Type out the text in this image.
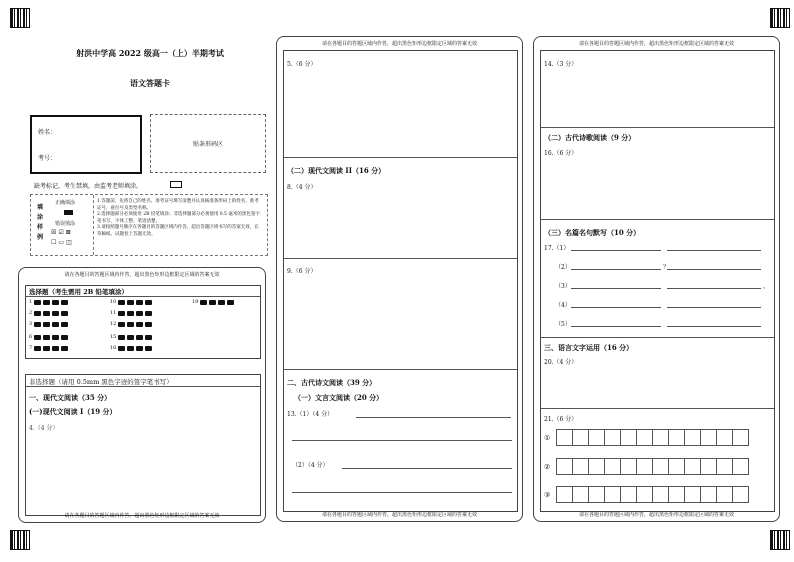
射洪中学高 2022 级高一（上）半期考试
语文答题卡
姓名：
考号：
贴条形码区
缺考标记，考生禁填，由监考老师填涂。
填
涂
样
例
正确填涂
错误填涂
☒☑⊠
☐▭◫
1.答题前，先将自己的姓名、准考证号填写清楚并认真核准条形码上的姓名、准考证号，座位号及类型名称。
2.选择题部分必须使用 2B 铅笔填涂；非选择题部分必须使用 0.5 毫米的黑色签字笔书写，字体工整、笔迹清楚。
3.请按照题号顺序在各题目的答题区域内作答，超出答题区域书写的答案无效，在草稿纸、试题卷上答题无效。
请在各题目的答题区域内作答，超出黑色矩形边框限定区域的答案无效
选择题（考生需用 2B 铅笔填涂）
1
2
3
6
7
10
11
12
15
16
19
非选择题（请用 0.5mm 黑色字迹的签字笔书写）
一、现代文阅读（35 分）
(一)现代文阅读 I（19 分）
4.（4 分）
请在各题目的答题区域内作答，超出黑色矩形边框限定区域的答案无效
请在各题目的答题区域内作答，超出黑色矩形边框限定区域的答案无效
5.（6 分）
（二）现代文阅读 II（16 分）
8.（4 分）
9.（6 分）
二、古代诗文阅读（39 分）
（一）文言文阅读（20 分）
13.（1）（4 分）
（2）（4 分）
请在各题目的答题区域内作答，超出黑色矩形边框限定区域的答案无效
请在各题目的答题区域内作答，超出黑色矩形边框限定区域的答案无效
14.（3 分）
（二）古代诗歌阅读（9 分）
16.（6 分）
（三）名篇名句默写（10 分）
17.（1）
（2）	？
（3）	，
（4）
（5）
三、语言文字运用（16 分）
20.（4 分）
21.（6 分）
①
②
③
请在各题目的答题区域内作答，超出黑色矩形边框限定区域的答案无效
